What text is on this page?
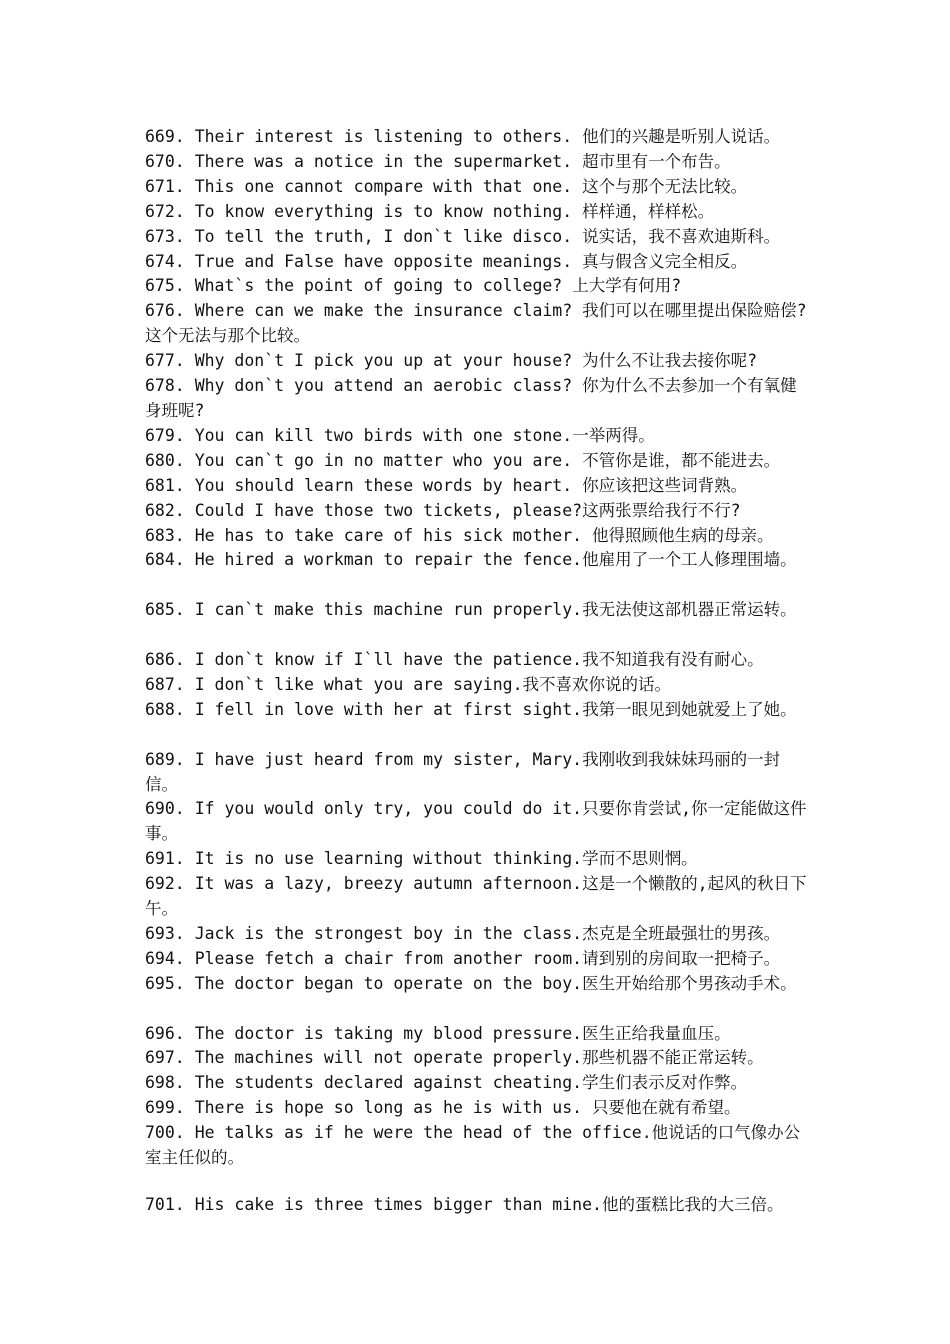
669. Their interest is listening to others. 他们的兴趣是听别人说话。

670. There was a notice in the supermarket. 超市里有一个布告。

671. This one cannot compare with that one. 这个与那个无法比较。

672. To know everything is to know nothing. 样样通，样样松。

673. To tell the truth, I don`t like disco. 说实话，我不喜欢迪斯科。

674. True and False have opposite meanings. 真与假含义完全相反。

675. What`s the point of going to college? 上大学有何用?

676. Where can we make the insurance claim? 我们可以在哪里提出保险赔偿?这个无法与那个比较。

677. Why don`t I pick you up at your house? 为什么不让我去接你呢?

678. Why don`t you attend an aerobic class? 你为什么不去参加一个有氧健身班呢?

679. You can kill two birds with one stone.一举两得。

680. You can`t go in no matter who you are. 不管你是谁，都不能进去。

681. You should learn these words by heart. 你应该把这些词背熟。

682. Could I have those two tickets, please?这两张票给我行不行?

683. He has to take care of his sick mother. 他得照顾他生病的母亲。

684. He hired a workman to repair the fence.他雇用了一个工人修理围墙。

685. I can`t make this machine run properly.我无法使这部机器正常运转。

686. I don`t know if I`ll have the patience.我不知道我有没有耐心。

687. I don`t like what you are saying.我不喜欢你说的话。

688. I fell in love with her at first sight.我第一眼见到她就爱上了她。

689. I have just heard from my sister, Mary.我刚收到我妹妹玛丽的一封信。

690. If you would only try, you could do it.只要你肯尝试,你一定能做这件事。

691. It is no use learning without thinking.学而不思则惘。

692. It was a lazy, breezy autumn afternoon.这是一个懒散的,起风的秋日下午。

693. Jack is the strongest boy in the class.杰克是全班最强壮的男孩。

694. Please fetch a chair from another room.请到别的房间取一把椅子。

695. The doctor began to operate on the boy.医生开始给那个男孩动手术。

696. The doctor is taking my blood pressure.医生正给我量血压。

697. The machines will not operate properly.那些机器不能正常运转。

698. The students declared against cheating.学生们表示反对作弊。

699. There is hope so long as he is with us. 只要他在就有希望。

700. He talks as if he were the head of the office.他说话的口气像办公室主任似的。

701. His cake is three times bigger than mine.他的蛋糕比我的大三倍。
